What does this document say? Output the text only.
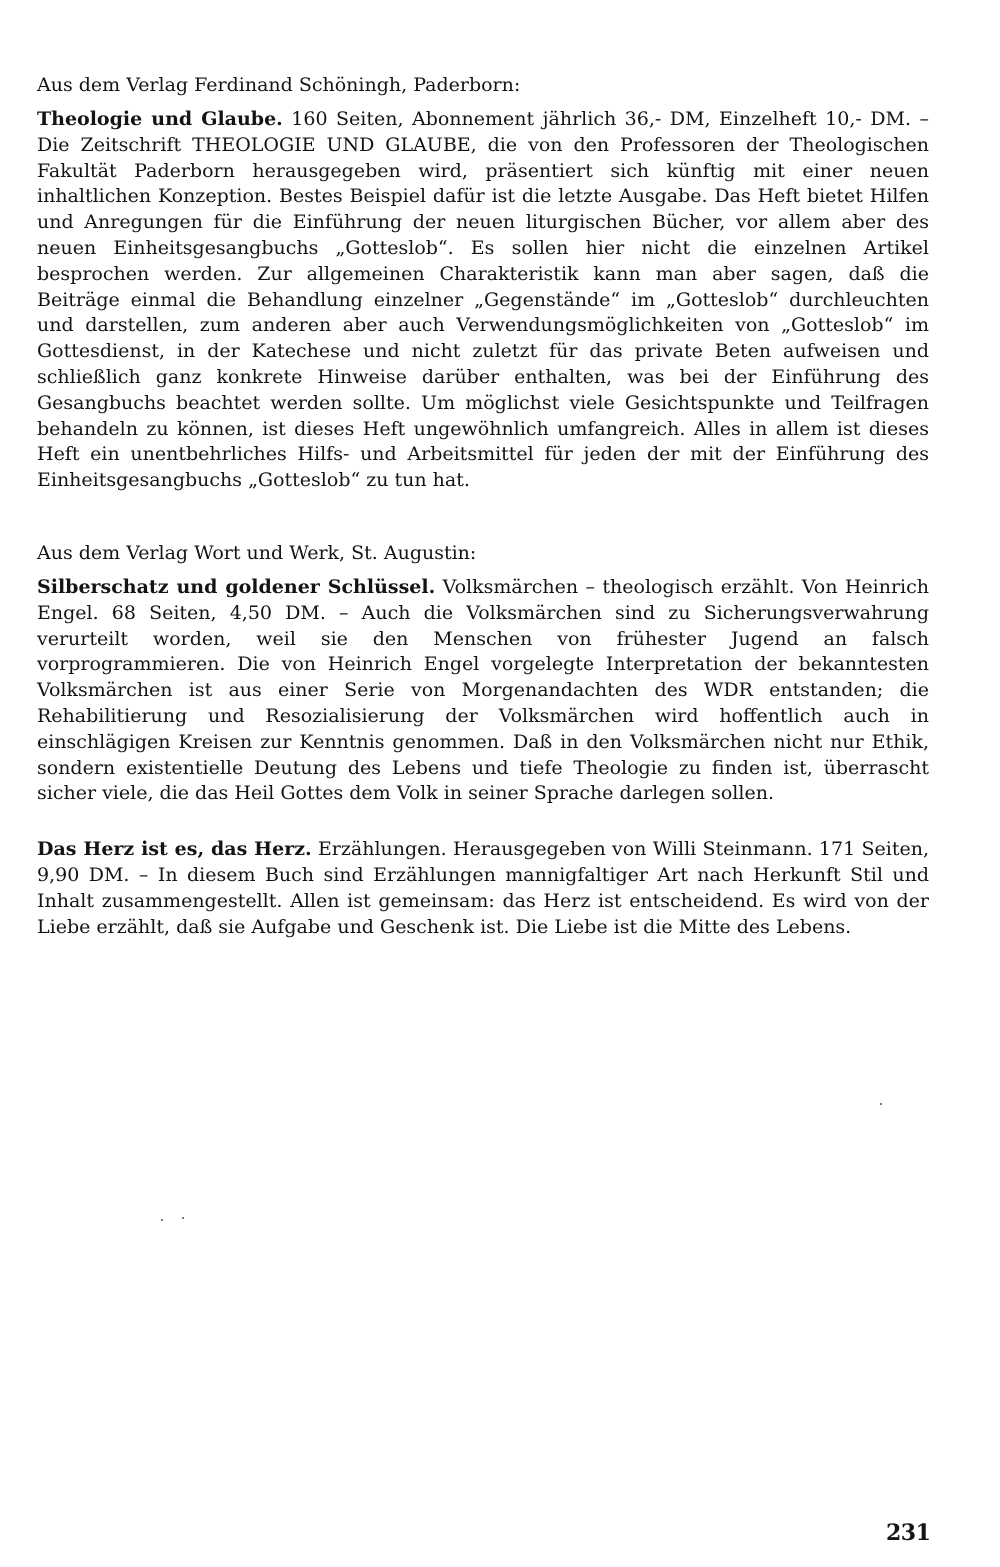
Aus dem Verlag Ferdinand Schöningh, Paderborn:

Theologie und Glaube. 160 Seiten, Abonnement jährlich 36,- DM, Einzelheft 10,- DM. – Die Zeitschrift THEOLOGIE UND GLAUBE, die von den Professoren der Theologischen Fakultät Paderborn herausgegeben wird, präsentiert sich künftig mit einer neuen inhaltlichen Konzeption. Bestes Beispiel dafür ist die letzte Ausgabe. Das Heft bietet Hilfen und Anregungen für die Einführung der neuen liturgischen Bücher, vor allem aber des neuen Einheitsgesangbuchs „Gotteslob“. Es sollen hier nicht die einzelnen Artikel besprochen werden. Zur allgemeinen Charakteristik kann man aber sagen, daß die Beiträge einmal die Behandlung einzelner „Gegenstände“ im „Gotteslob“ durchleuchten und darstellen, zum anderen aber auch Verwendungsmöglichkeiten von „Gotteslob“ im Gottesdienst, in der Katechese und nicht zuletzt für das private Beten aufweisen und schließlich ganz konkrete Hinweise darüber enthalten, was bei der Einführung des Gesangbuchs beachtet werden sollte. Um möglichst viele Gesichtspunkte und Teilfragen behandeln zu können, ist dieses Heft ungewöhnlich umfangreich. Alles in allem ist dieses Heft ein unentbehrliches Hilfs- und Arbeitsmittel für jeden der mit der Einführung des Einheitsgesangbuchs „Gotteslob“ zu tun hat.

Aus dem Verlag Wort und Werk, St. Augustin:

Silberschatz und goldener Schlüssel. Volksmärchen – theologisch erzählt. Von Heinrich Engel. 68 Seiten, 4,50 DM. – Auch die Volksmärchen sind zu Sicherungsverwahrung verurteilt worden, weil sie den Menschen von frühester Jugend an falsch vorprogrammieren. Die von Heinrich Engel vorgelegte Interpretation der bekanntesten Volksmärchen ist aus einer Serie von Morgenandachten des WDR entstanden; die Rehabilitierung und Resozialisierung der Volksmärchen wird hoffentlich auch in einschlägigen Kreisen zur Kenntnis genommen. Daß in den Volksmärchen nicht nur Ethik, sondern existentielle Deutung des Lebens und tiefe Theologie zu finden ist, überrascht sicher viele, die das Heil Gottes dem Volk in seiner Sprache darlegen sollen.

Das Herz ist es, das Herz. Erzählungen. Herausgegeben von Willi Steinmann. 171 Seiten, 9,90 DM. – In diesem Buch sind Erzählungen mannigfaltiger Art nach Herkunft Stil und Inhalt zusammengestellt. Allen ist gemeinsam: das Herz ist entscheidend. Es wird von der Liebe erzählt, daß sie Aufgabe und Geschenk ist. Die Liebe ist die Mitte des Lebens.

231
